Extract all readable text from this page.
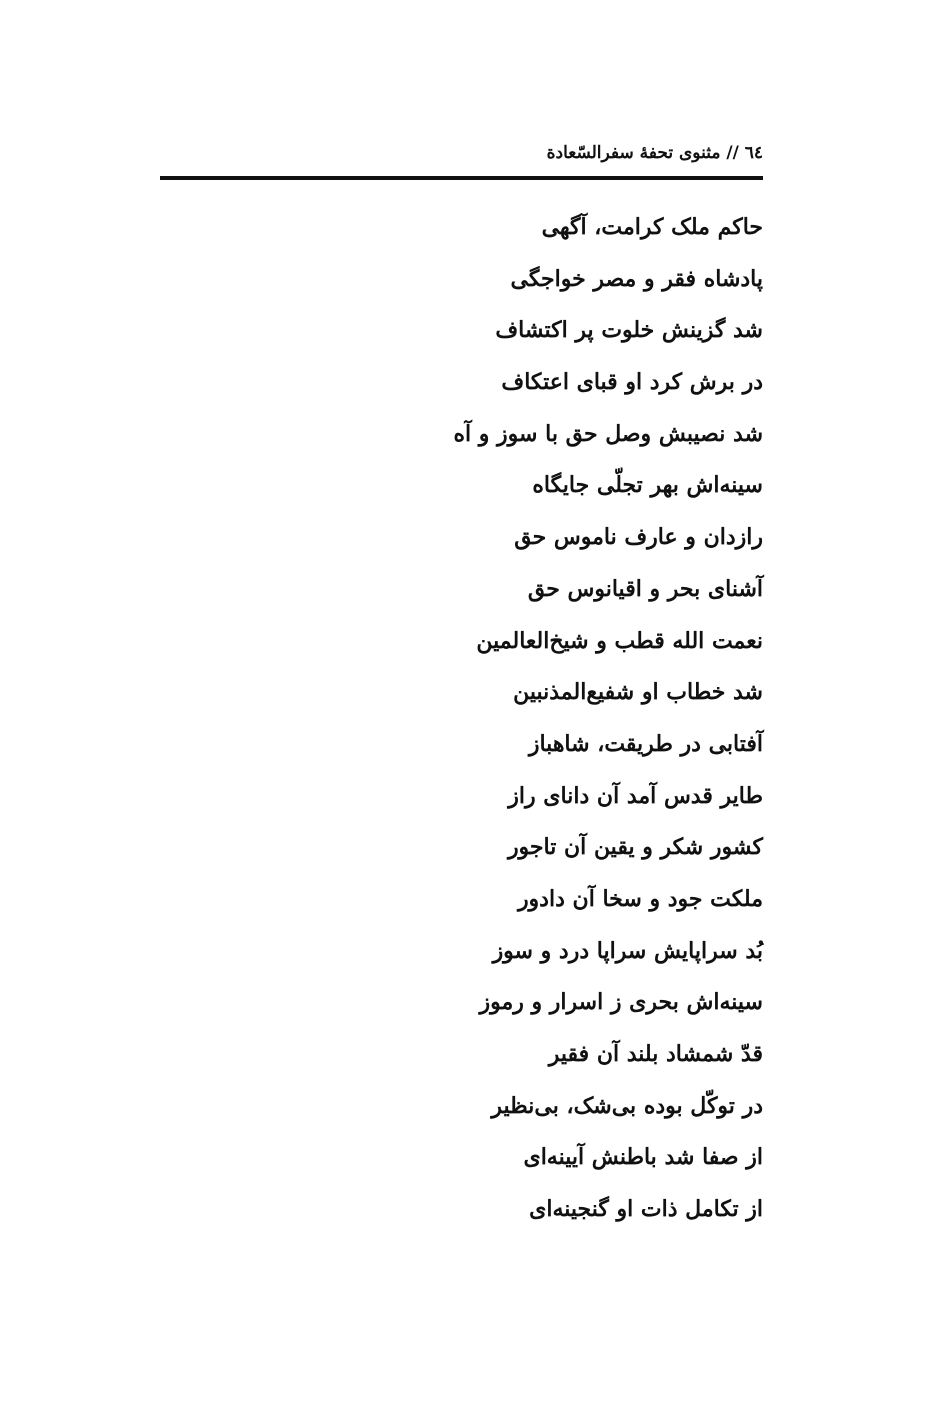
٦٤ // مثنوی تحفهٔ سفرالسّعادة
حاکم ملک کرامت، آگهی
پادشاه فقر و مصر خواجگی
شد گزینش خلوت پر اکتشاف
در برش کرد او قبای اعتکاف
شد نصیبش وصل حق با سوز و آه
سینه‌اش بهر تجلّی جایگاه
رازدان و عارف ناموس حق
آشنای بحر و اقیانوس حق
نعمت الله قطب و شیخ‌العالمین
شد خطاب او شفیع‌المذنبین
آفتابی در طریقت، شاهباز
طایر قدس آمد آن دانای راز
کشور شکر و یقین آن تاجور
ملکت جود و سخا آن دادور
بُد سراپایش سراپا درد و سوز
سینه‌اش بحری ز اسرار و رموز
قدّ شمشاد بلند آن فقیر
در توکّل بوده بی‌شک، بی‌نظیر
از صفا شد باطنش آیینه‌ای
از تکامل ذات او گنجینه‌ای
